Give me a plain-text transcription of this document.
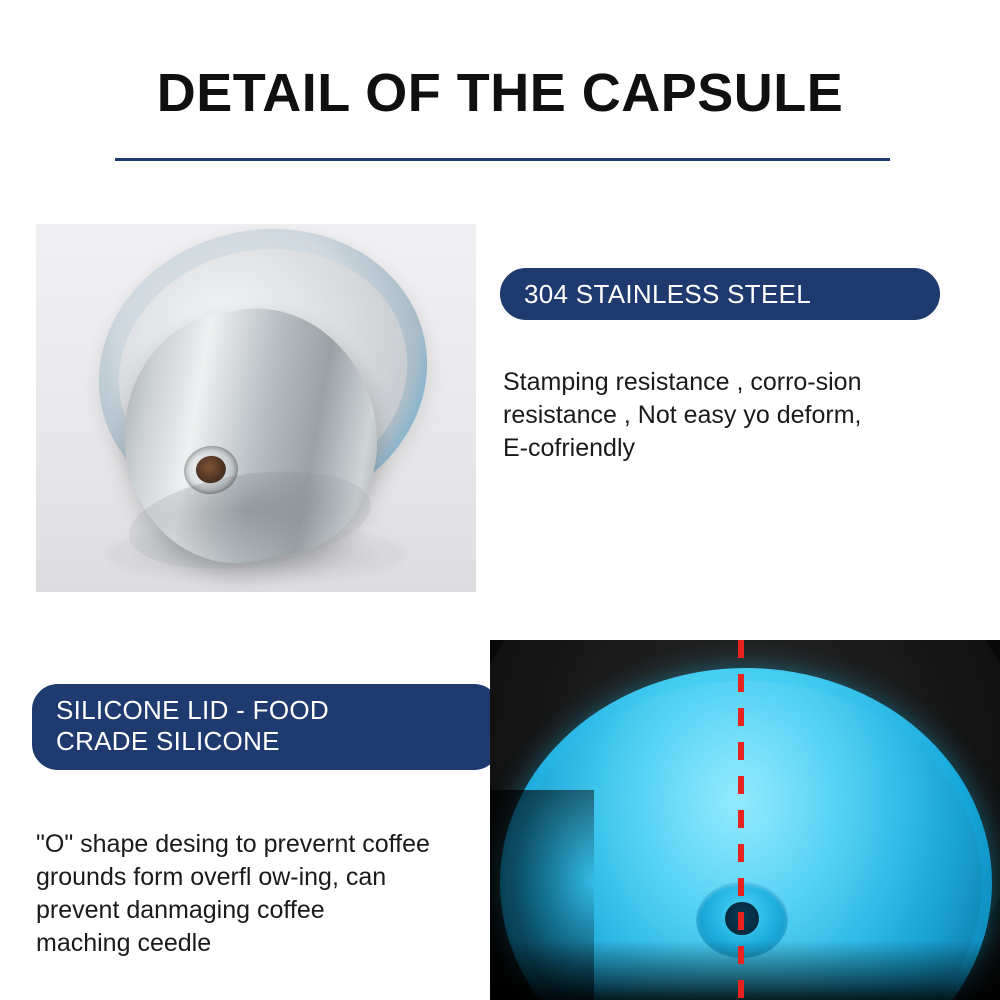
DETAIL OF THE CAPSULE
304 STAINLESS STEEL
Stamping resistance , corro-sion
resistance , Not easy yo deform,
E-cofriendly
SILICONE LID - FOOD
CRADE SILICONE
"O" shape desing to prevernt coffee
grounds form overfl ow-ing, can
prevent danmaging coffee
maching ceedle
